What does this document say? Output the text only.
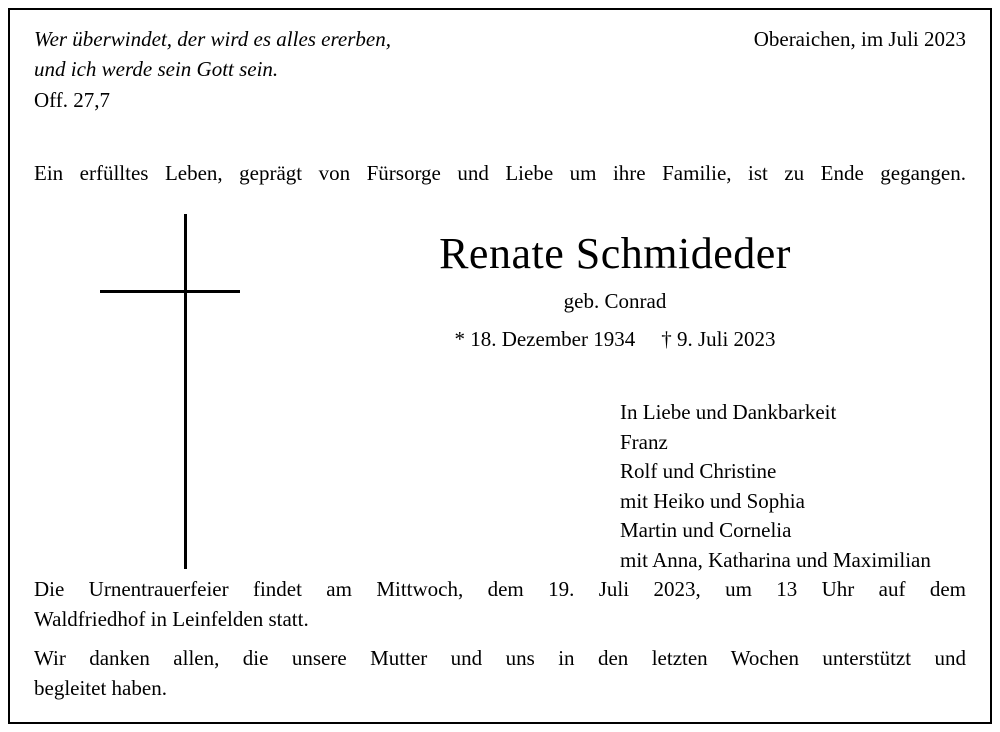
Wer überwindet, der wird es alles ererben,
und ich werde sein Gott sein.
Off. 27,7
Oberaichen, im Juli 2023
Ein erfülltes Leben, geprägt von Fürsorge und Liebe um ihre Familie, ist zu Ende gegangen.
Renate Schmideder
geb. Conrad
* 18. Dezember 1934 † 9. Juli 2023
In Liebe und Dankbarkeit
Franz
Rolf und Christine
mit Heiko und Sophia
Martin und Cornelia
mit Anna, Katharina und Maximilian
Die Urnentrauerfeier findet am Mittwoch, dem 19. Juli 2023, um 13 Uhr auf dem
Waldfriedhof in Leinfelden statt.
Wir danken allen, die unsere Mutter und uns in den letzten Wochen unterstützt und
begleitet haben.
